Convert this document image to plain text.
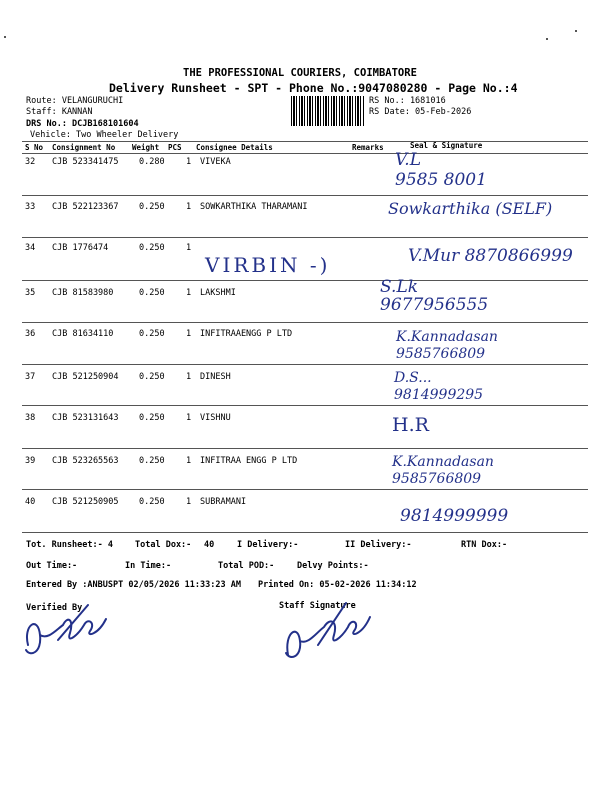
THE PROFESSIONAL COURIERS, COIMBATORE
Delivery Runsheet - SPT - Phone No.:9047080280 - Page No.:4
Route: VELANGURUCHI
Staff: KANNAN
DRS No.: DCJB168101604
Vehicle: Two Wheeler Delivery
RS No.: 1681016
RS Date: 05-Feb-2026
S No Consignment No Weight PCS Consignee Details	Remarks	Seal & Signature
32 CJB 523341475 0.280	1 VIVEKA	V.L
9585 8001
33 CJB 522123367 0.250	1 SOWKARTHIKA THARAMANI	Sowkarthika (SELF)
34 CJB 1776474	0.250	1
VIRBIN -)	V.Mur 8870866999
35 CJB 81583980	0.250	1 LAKSHMI	S.Lk
9677956555
36 CJB 81634110	0.250	1 INFITRAAENGG P LTD	K.Kannadasan
9585766809
37 CJB 521250904 0.250	1 DINESH	D.S...
9814999295
38 CJB 523131643 0.250	1 VISHNU	H.R
39 CJB 523265563 0.250	1 INFITRAA ENGG P LTD	K.Kannadasan
9585766809
40 CJB 521250905 0.250	1 SUBRAMANI
9814999999
Tot. Runsheet:- 4	Total Dox:- 40	I Delivery:-	II Delivery:-	RTN Dox:-
Out Time:-	In Time:-	Total POD:-	Delvy Points:-
Entered By :ANBUSPT 02/05/2026 11:33:23 AM Printed On: 05-02-2026 11:34:12
Verified By	Staff Signature
